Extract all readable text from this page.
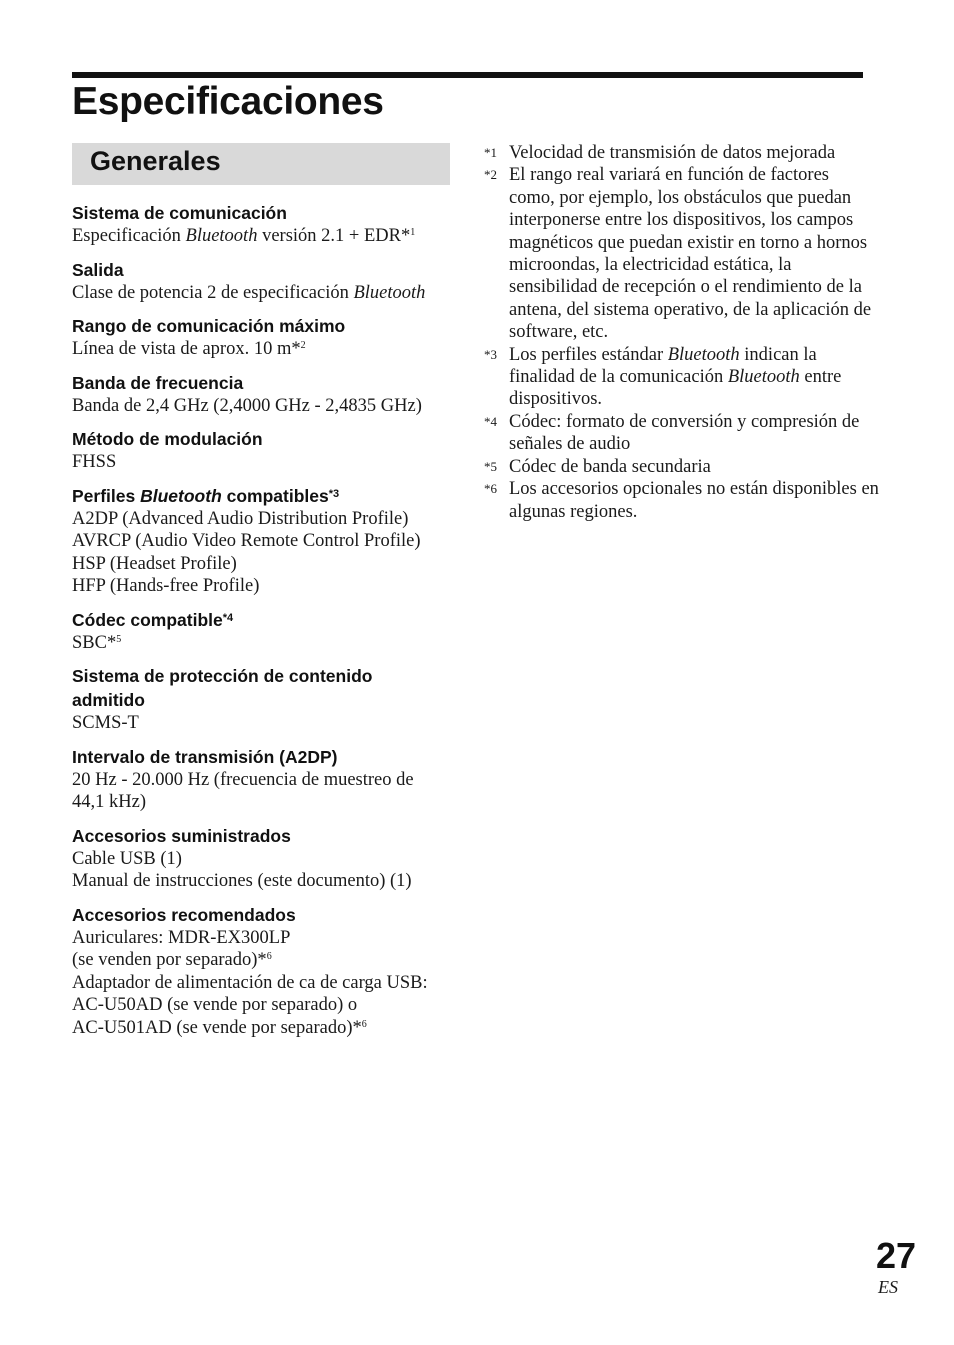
Especificaciones
Generales
Sistema de comunicación
Especificación Bluetooth versión 2.1 + EDR*$^1$
Salida
Clase de potencia 2 de especificación Bluetooth
Rango de comunicación máximo
Línea de vista de aprox. 10 m*$^2$
Banda de frecuencia
Banda de 2,4 GHz (2,4000 GHz - 2,4835 GHz)
Método de modulación
FHSS
Perfiles Bluetooth compatibles$^{*3}$
A2DP (Advanced Audio Distribution Profile)
AVRCP (Audio Video Remote Control Profile)
HSP (Headset Profile)
HFP (Hands-free Profile)
Códec compatible$^{*4}$
SBC*$^5$
Sistema de protección de contenido admitido
SCMS-T
Intervalo de transmisión (A2DP)
20 Hz - 20.000 Hz (frecuencia de muestreo de 44,1 kHz)
Accesorios suministrados
Cable USB (1)
Manual de instrucciones (este documento) (1)
Accesorios recomendados
Auriculares: MDR-EX300LP
(se venden por separado)*$^6$
Adaptador de alimentación de ca de carga USB:
AC-U50AD (se vende por separado) o
AC-U501AD (se vende por separado)*$^6$
*1 Velocidad de transmisión de datos mejorada
*2 El rango real variará en función de factores como, por ejemplo, los obstáculos que puedan interponerse entre los dispositivos, los campos magnéticos que puedan existir en torno a hornos microondas, la electricidad estática, la sensibilidad de recepción o el rendimiento de la antena, del sistema operativo, de la aplicación de software, etc.
*3 Los perfiles estándar Bluetooth indican la finalidad de la comunicación Bluetooth entre dispositivos.
*4 Códec: formato de conversión y compresión de señales de audio
*5 Códec de banda secundaria
*6 Los accesorios opcionales no están disponibles en algunas regiones.
27
ES
